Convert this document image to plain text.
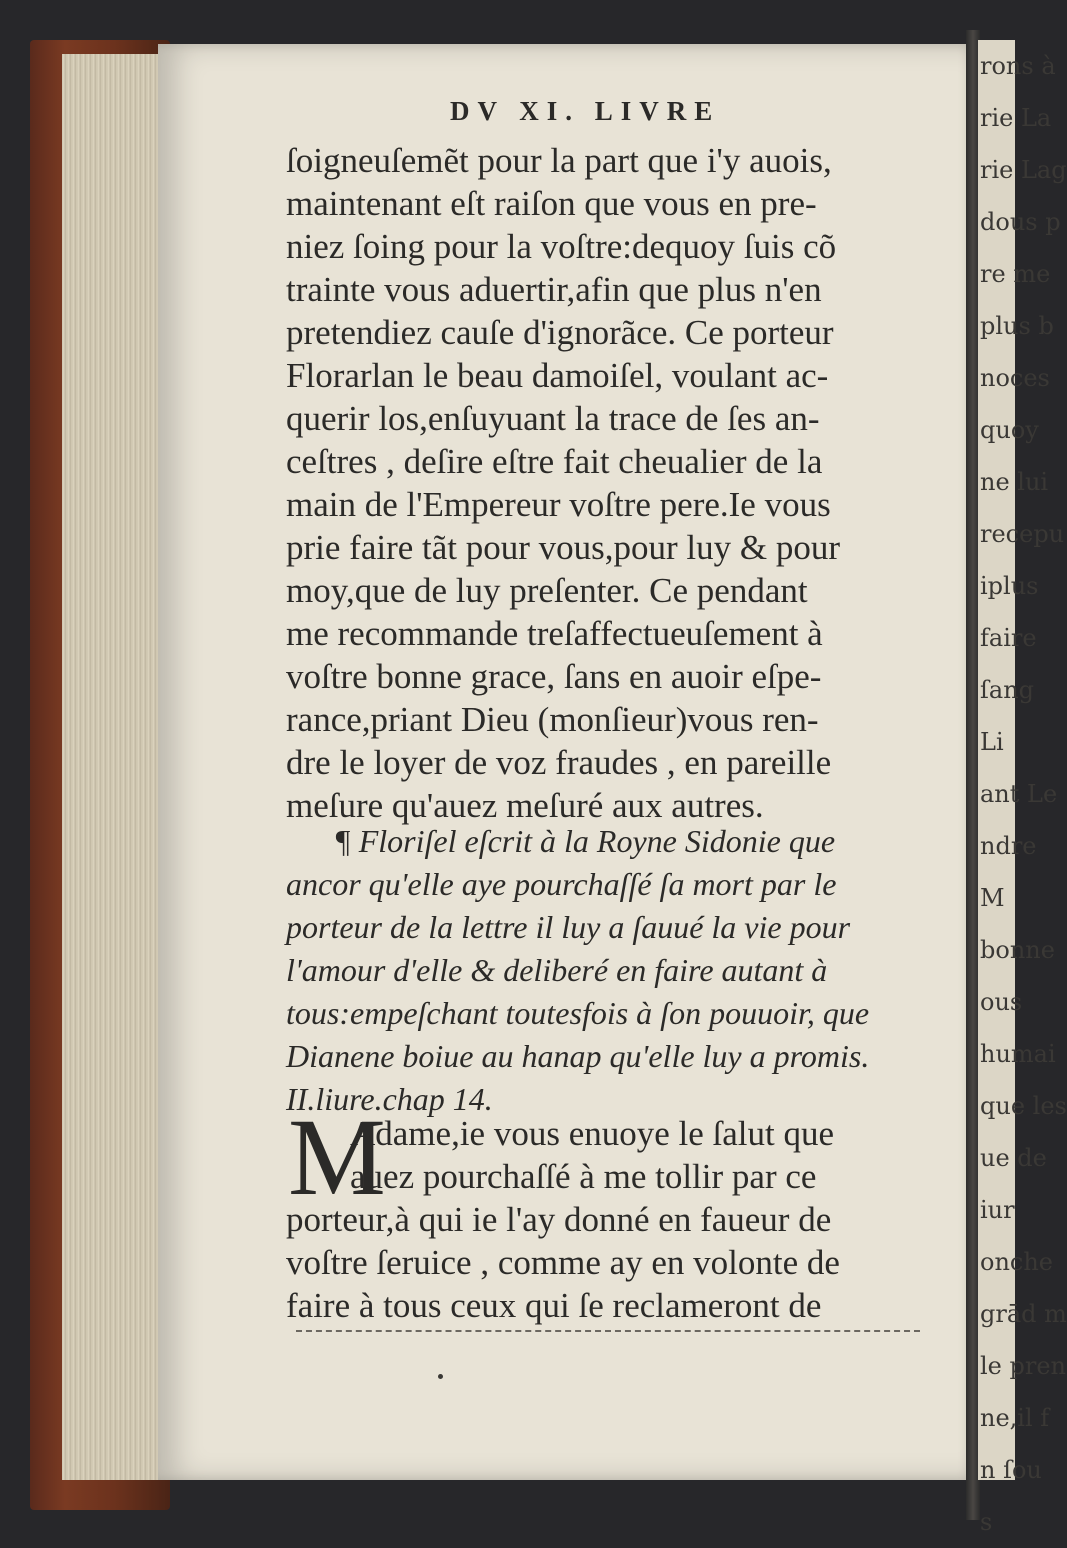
rons à
rie La
rie Lag
dous p
re me
plus b
noces
quoy
ne lui
recepu
iplus
faire
ſang
Li
ant Le
ndre
M
bonne
ous
humai
que les
ue de
iur
onche
grād m
le pren
ne,il f
n ſou
s
DV XI. LIVRE
ſoigneuſemẽt pour la part que i'y auois,
maintenant eſt raiſon que vous en pre-
niez ſoing pour la voſtre:dequoy ſuis cõ
trainte vous aduertir,afin que plus n'en
pretendiez cauſe d'ignorãce. Ce porteur
Florarlan le beau damoiſel, voulant ac-
querir los,enſuyuant la trace de ſes an-
ceſtres , deſire eſtre fait cheualier de la
main de l'Empereur voſtre pere.Ie vous
prie faire tãt pour vous,pour luy & pour
moy,que de luy preſenter. Ce pendant
me recommande treſaffectueuſement à
voſtre bonne grace, ſans en auoir eſpe-
rance,priant Dieu (monſieur)vous ren-
dre le loyer de voz fraudes , en pareille
meſure qu'auez meſuré aux autres.
¶ Floriſel eſcrit à la Royne Sidonie que
ancor qu'elle aye pourchaſſé ſa mort par le
porteur de la lettre il luy a ſauué la vie pour
l'amour d'elle & deliberé en faire autant à
tous:empeſchant toutesfois à ſon pouuoir, que
Dianene boiue au hanap qu'elle luy a promis.
II.liure.chap 14.
M
Adame,ie vous enuoye le ſalut que
auez pourchaſſé à me tollir par ce
porteur,à qui ie l'ay donné en faueur de
voſtre ſeruice , comme ay en volonte de
faire à tous ceux qui ſe reclameront de
